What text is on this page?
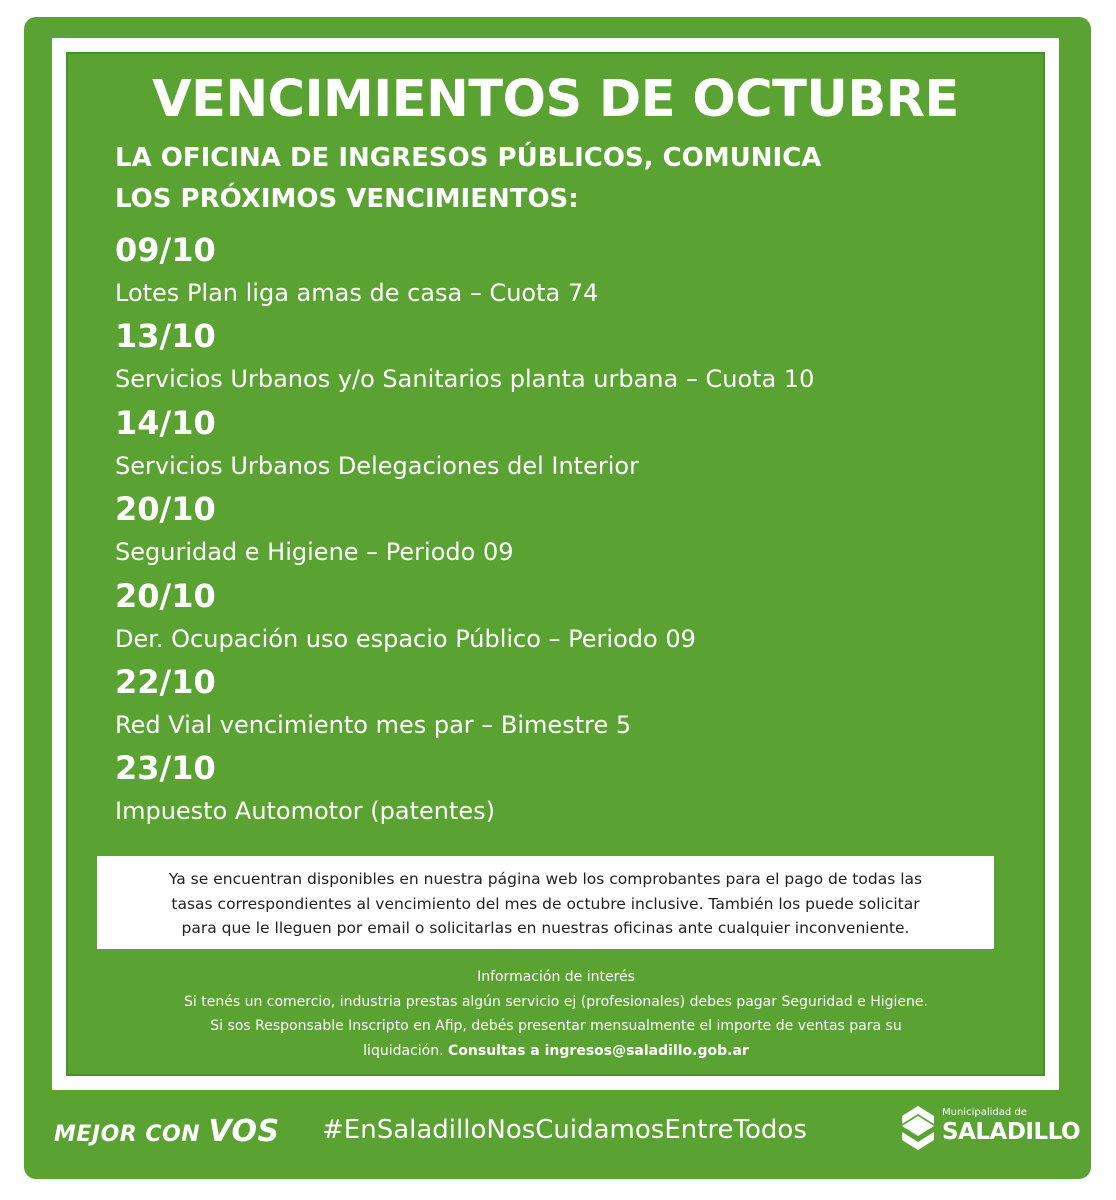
VENCIMIENTOS DE OCTUBRE
LA OFICINA DE INGRESOS PÚBLICOS, COMUNICA
LOS PRÓXIMOS VENCIMIENTOS:
09/10
Lotes Plan liga amas de casa – Cuota 74
13/10
Servicios Urbanos y/o Sanitarios planta urbana – Cuota 10
14/10
Servicios Urbanos Delegaciones del Interior
20/10
Seguridad e Higiene – Periodo 09
20/10
Der. Ocupación uso espacio Público – Periodo 09
22/10
Red Vial vencimiento mes par – Bimestre 5
23/10
Impuesto Automotor (patentes)
Ya se encuentran disponibles en nuestra página web los comprobantes para el pago de todas las
tasas correspondientes al vencimiento del mes de octubre inclusive. También los puede solicitar
para que le lleguen por email o solicitarlas en nuestras oficinas ante cualquier inconveniente.

Información de interés

Si tenés un comercio, industria prestas algún servicio ej (profesionales) debes pagar Seguridad e Higiene.

Si sos Responsable Inscripto en Afip, debés presentar mensualmente el importe de ventas para su

liquidación. Consultas a ingresos@saladillo.gob.ar

MEJOR CON VOS #EnSaladilloNosCuidamosEntreTodos
Municipalidad de
SALADILLO
